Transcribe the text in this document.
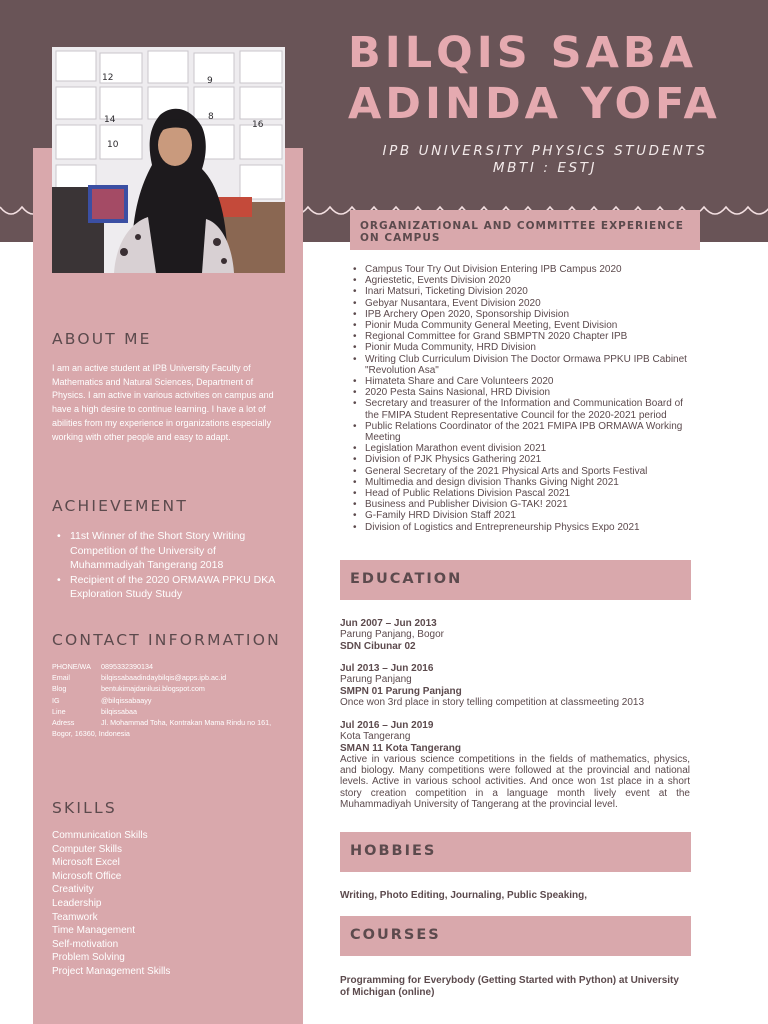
12	9
14	8
16
10
BILQIS SABA
ADINDA YOFA
IPB UNIVERSITY PHYSICS STUDENTS
MBTI : ESTJ
ABOUT ME
I am an active student at IPB University Faculty of Mathematics and Natural Sciences, Department of Physics. I am active in various activities on campus and have a high desire to continue learning. I have a lot of abilities from my experience in organizations especially working with other people and easy to adapt.
ACHIEVEMENT
• 11st Winner of the Short Story Writing Competition of the University of Muhammadiyah Tangerang 2018
• Recipient of the 2020 ORMAWA PPKU DKA Exploration Study Study
CONTACT INFORMATION
PHONE/WA	0895332390134
Email	bilqissabaadindaybilqis@apps.ipb.ac.id
Blog	bentukimajdanilusi.blogspot.com
IG	@bilqissabaayy
Line	bilqissabaa
Adress	Jl. Mohammad Toha, Kontrakan Mama Rindu no 161, Bogor, 16360, Indonesia
SKILLS
Communication Skills
Computer Skills
Microsoft Excel
Microsoft Office
Creativity
Leadership
Teamwork
Time Management
Self-motivation
Problem Solving
Project Management Skills
ORGANIZATIONAL AND COMMITTEE EXPERIENCE ON CAMPUS
• Campus Tour Try Out Division Entering IPB Campus 2020
• Agriestetic, Events Division 2020
• Inari Matsuri, Ticketing Division 2020
• Gebyar Nusantara, Event Division 2020
• IPB Archery Open 2020, Sponsorship Division
• Pionir Muda Community General Meeting, Event Division
• Regional Committee for Grand SBMPTN 2020 Chapter IPB
• Pionir Muda Community, HRD Division
• Writing Club Curriculum Division The Doctor Ormawa PPKU IPB Cabinet "Revolution Asa"
• Himateta Share and Care Volunteers 2020
• 2020 Pesta Sains Nasional, HRD Division
• Secretary and treasurer of the Information and Communication Board of the FMIPA Student Representative Council for the 2020-2021 period
• Public Relations Coordinator of the 2021 FMIPA IPB ORMAWA Working Meeting
• Legislation Marathon event division 2021
• Division of PJK Physics Gathering 2021
• General Secretary of the 2021 Physical Arts and Sports Festival
• Multimedia and design division Thanks Giving Night 2021
• Head of Public Relations Division Pascal 2021
• Business and Publisher Division G-TAK! 2021
• G-Family HRD Division Staff 2021
• Division of Logistics and Entrepreneurship Physics Expo 2021
EDUCATION
Jun 2007 – Jun 2013
Parung Panjang, Bogor
SDN Cibunar 02
Jul 2013 – Jun 2016
Parung Panjang
SMPN 01 Parung Panjang
Once won 3rd place in story telling competition at classmeeting 2013
Jul 2016 – Jun 2019
Kota Tangerang
SMAN 11 Kota Tangerang
Active in various science competitions in the fields of mathematics, physics, and biology. Many competitions were followed at the provincial and national levels. Active in various school activities. And once won 1st place in a short story creation competition in a language month lively event at the Muhammadiyah University of Tangerang at the provincial level.
HOBBIES
Writing, Photo Editing, Journaling, Public Speaking,
COURSES
Programming for Everybody (Getting Started with Python) at University of Michigan (online)
